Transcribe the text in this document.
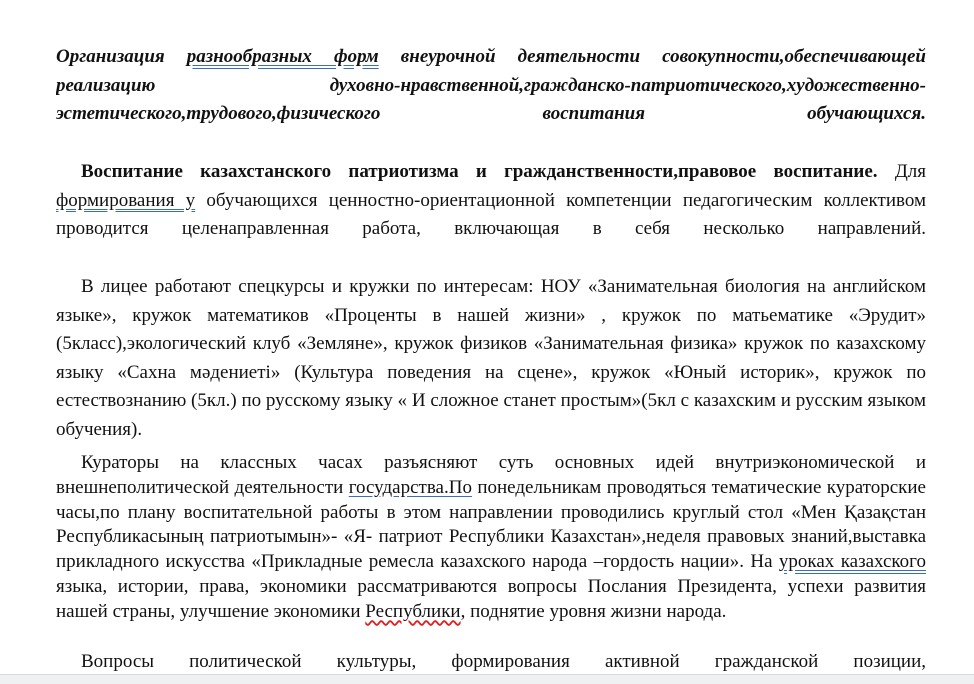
Организация разнообразных форм внеурочной деятельности совокупности,обеспечивающей реализацию духовно-нравственной,гражданско-патриотического,художественно-эстетического,трудового,физического воспитания обучающихся.

Воспитание казахстанского патриотизма и гражданственности,правовое воспитание. Для формирования у обучающихся ценностно-ориентационной компетенции педагогическим коллективом проводится целенаправленная работа, включающая в себя несколько направлений.

В лицее работают спецкурсы и кружки по интересам: НОУ «Занимательная биология на английском языке», кружок математиков «Проценты в нашей жизни» , кружок по матьематике «Эрудит» (5класс),экологический клуб «Земляне», кружок физиков «Занимательная физика» кружок по казахскому языку «Сахна мәдениеті» (Культура поведения на сцене», кружок «Юный историк», кружок по естествознанию (5кл.) по русскому языку « И сложное станет простым»(5кл с казахским и русским языком обучения).

Кураторы на классных часах разъясняют суть основных идей внутриэкономической и внешнеполитической деятельности государства.По понедельникам проводяться тематические кураторские часы,по плану воспитательной работы в этом направлении проводились круглый стол «Мен Қазақстан Республикасының патриотымын»- «Я- патриот Республики Казахстан»,неделя правовых знаний,выставка прикладного искусства «Прикладные ремесла казахского народа –гордость нации». На уроках казахского языка, истории, права, экономики рассматриваются вопросы Послания Президента, успехи развития нашей страны, улучшение экономики Республики, поднятие уровня жизни народа.

Вопросы политической культуры, формирования активной гражданской позиции,
